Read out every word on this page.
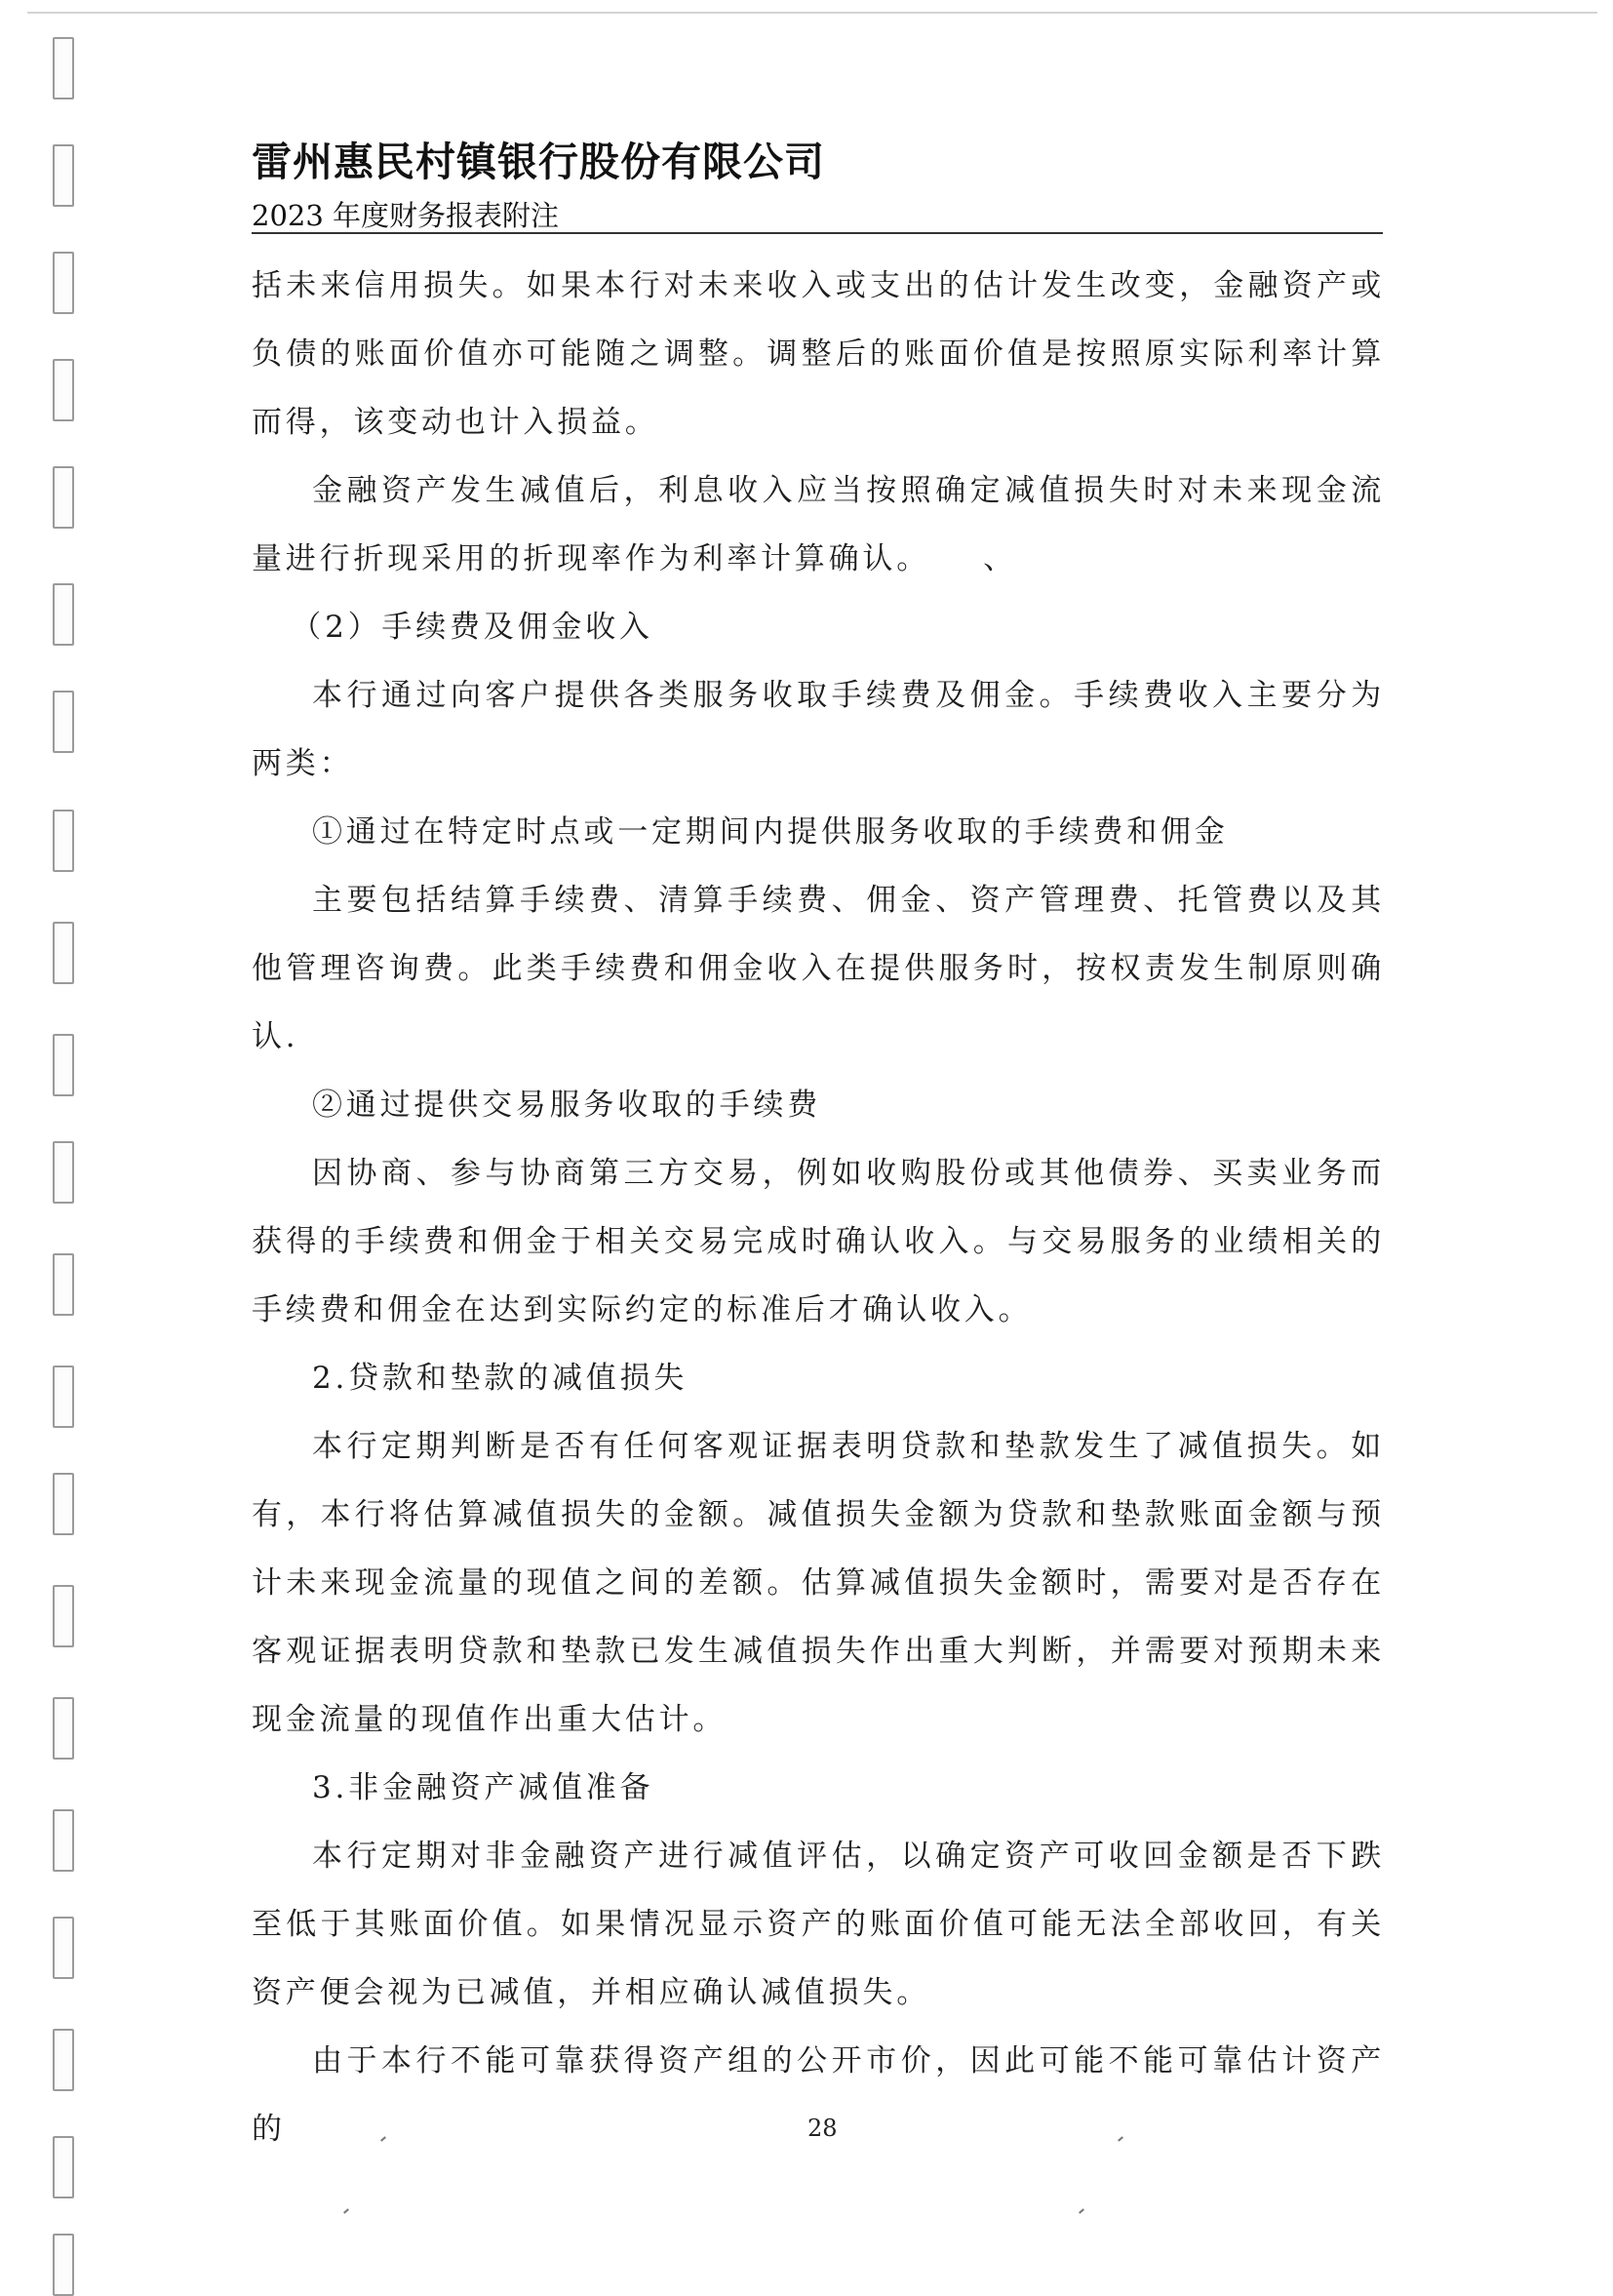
雷州惠民村镇银行股份有限公司
2023 年度财务报表附注

括未来信用损失。如果本行对未来收入或支出的估计发生改变，金融资产或负债的账面价值亦可能随之调整。调整后的账面价值是按照原实际利率计算而得，该变动也计入损益。

金融资产发生减值后，利息收入应当按照确定减值损失时对未来现金流量进行折现采用的折现率作为利率计算确认。　　、

（2）手续费及佣金收入

本行通过向客户提供各类服务收取手续费及佣金。手续费收入主要分为两类：

①通过在特定时点或一定期间内提供服务收取的手续费和佣金

主要包括结算手续费、清算手续费、佣金、资产管理费、托管费以及其他管理咨询费。此类手续费和佣金收入在提供服务时，按权责发生制原则确认.

②通过提供交易服务收取的手续费

因协商、参与协商第三方交易，例如收购股份或其他债券、买卖业务而获得的手续费和佣金于相关交易完成时确认收入。与交易服务的业绩相关的手续费和佣金在达到实际约定的标准后才确认收入。

2.贷款和垫款的减值损失

本行定期判断是否有任何客观证据表明贷款和垫款发生了减值损失。如有，本行将估算减值损失的金额。减值损失金额为贷款和垫款账面金额与预计未来现金流量的现值之间的差额。估算减值损失金额时，需要对是否存在客观证据表明贷款和垫款已发生减值损失作出重大判断，并需要对预期未来现金流量的现值作出重大估计。

3.非金融资产减值准备

本行定期对非金融资产进行减值评估，以确定资产可收回金额是否下跌至低于其账面价值。如果情况显示资产的账面价值可能无法全部收回，有关资产便会视为已减值，并相应确认减值损失。

由于本行不能可靠获得资产组的公开市价，因此可能不能可靠估计资产的	28
